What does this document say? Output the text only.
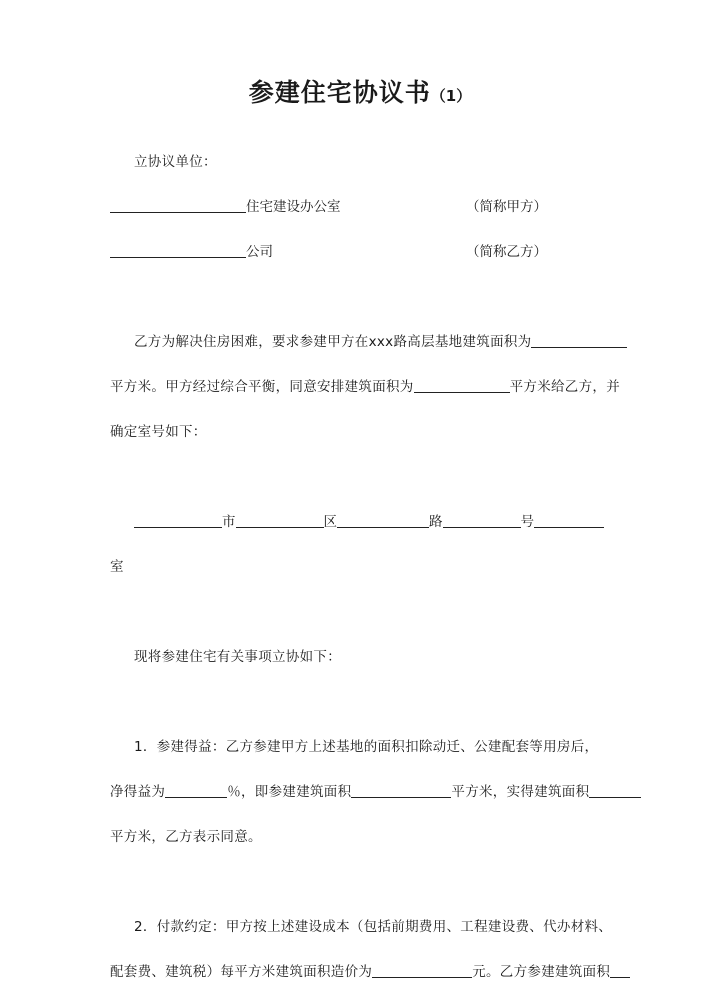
参建住宅协议书（1）

立协议单位：

住宅建设办公室	（简称甲方）
公司	（简称乙方）

乙方为解决住房困难，要求参建甲方在xxx路高层基地建筑面积为

平方米。甲方经过综合平衡，同意安排建筑面积为	平方米给乙方，并

确定室号如下：

市	区	路	号

室

现将参建住宅有关事项立协如下：

1．参建得益：乙方参建甲方上述基地的面积扣除动迁、公建配套等用房后，

净得益为	％，即参建建筑面积	平方米，实得建筑面积

平方米，乙方表示同意。

2．付款约定：甲方按上述建设成本（包括前期费用、工程建设费、代办材料、

配套费、建筑税）每平方米建筑面积造价为	元。乙方参建建筑面积
